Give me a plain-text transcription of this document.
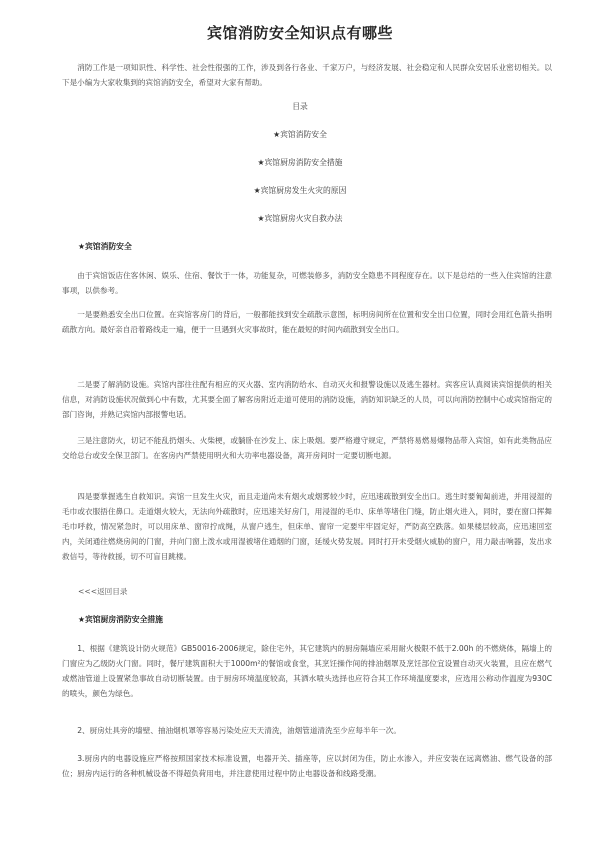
宾馆消防安全知识点有哪些

消防工作是一项知识性、科学性、社会性很强的工作，涉及到各行各业、千家万户，与经济发展、社会稳定和人民群众安居乐业密切相关。以下是小编为大家收集到的宾馆消防安全，希望对大家有帮助。

目录

★宾馆消防安全
★宾馆厨房消防安全措施
★宾馆厨房发生火灾的原因
★宾馆厨房火灾自救办法

★宾馆消防安全

由于宾馆饭店住客休闲、娱乐、住宿、餐饮于一体，功能复杂，可燃装修多，消防安全隐患不同程度存在。以下是总结的一些入住宾馆的注意事项，以供参考。

一是要熟悉安全出口位置。在宾馆客房门的背后，一般都能找到安全疏散示意图，标明房间所在位置和安全出口位置，同时会用红色箭头指明疏散方向。最好亲自沿着路线走一遍，便于一旦遇到火灾事故时，能在最短的时间内疏散到安全出口。

二是要了解消防设施。宾馆内部往往配有相应的灭火器、室内消防给水、自动灭火和报警设施以及逃生器材。宾客应认真阅读宾馆提供的相关信息，对消防设施状况做到心中有数，尤其要全面了解客房附近走道可使用的消防设施，消防知识缺乏的人员，可以向消防控制中心或宾馆指定的部门咨询，并熟记宾馆内部报警电话。

三是注意防火，切记不能乱扔烟头、火柴梗，或躺卧在沙发上、床上吸烟。要严格遵守规定，严禁将易燃易爆物品带入宾馆，如有此类物品应交给总台或安全保卫部门。在客房内严禁使用明火和大功率电器设备，离开房间时一定要切断电源。

四是要掌握逃生自救知识。宾馆一旦发生火灾，而且走道尚未有烟火或烟雾较少时，应迅速疏散到安全出口。逃生时要匍匐前进，并用浸湿的毛巾或衣服捂住鼻口。走道烟火较大，无法向外疏散时，应迅速关好房门，用浸湿的毛巾、床单等堵住门缝，防止烟火进入，同时，要在窗口挥舞毛巾呼救，情况紧急时，可以用床单、窗帘拧成绳，从窗户逃生，但床单、窗帘一定要牢牢固定好，严防高空跌落。如果楼层较高，应迅速回室内，关闭通往燃烧房间的门窗，并向门窗上泼水或用湿被堵住通烟的门窗，延缓火势发展。同时打开未受烟火威胁的窗户，用力敲击响器，发出求救信号，等待救援，切不可盲目跳楼。

<<<返回目录

★宾馆厨房消防安全措施

1、根据《建筑设计防火规范》GB50016-2006规定，除住宅外，其它建筑内的厨房隔墙应采用耐火极限不低于2.00h 的不燃烧体，隔墙上的门窗应为乙级防火门窗。同时，餐厅建筑面积大于1000m²的餐馆或食堂，其烹饪操作间的排油烟罩及烹饪部位宜设置自动灭火装置，且应在燃气或燃油管道上设置紧急事故自动切断装置。由于厨房环境温度较高，其洒水喷头选择也应符合其工作环境温度要求，应选用公称动作温度为930C的喷头，颜色为绿色。

2、厨房灶具旁的墙壁、抽油烟机罩等容易污染处应天天清洗，油烟管道清洗至少应每半年一次。

3.厨房内的电器设施应严格按照国家技术标准设置，电器开关、插座等，应以封闭为佳，防止水渗入，并应安装在远离燃油、燃气设备的部位；厨房内运行的各种机械设备不得超负荷用电，并注意使用过程中防止电器设备和线路受潮。
